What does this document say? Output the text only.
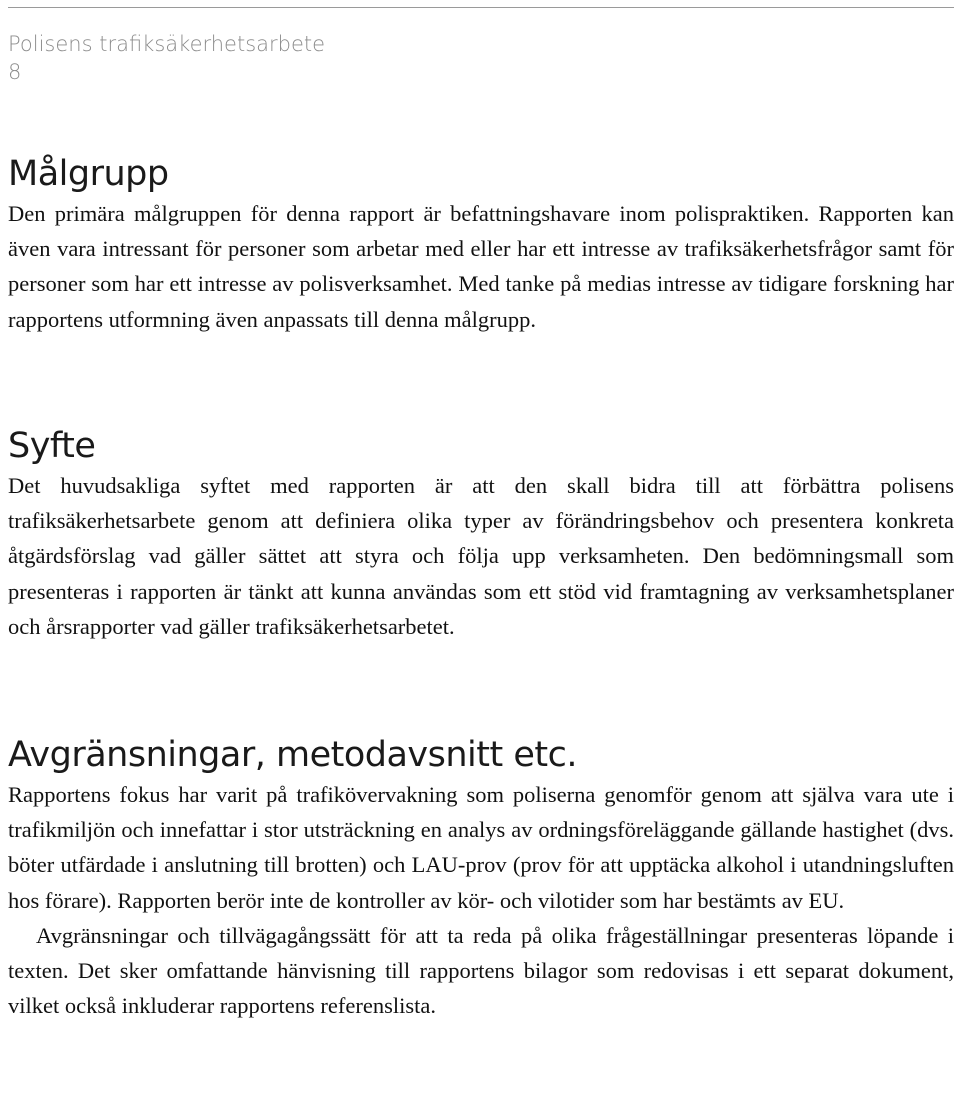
Polisens trafiksäkerhetsarbete
8
Målgrupp

Den primära målgruppen för denna rapport är befattningshavare inom polispraktiken. Rapporten kan även vara intressant för personer som arbetar med eller har ett intresse av trafiksäkerhetsfrågor samt för personer som har ett intresse av polisverksamhet. Med tanke på medias intresse av tidigare forskning har rapportens utformning även anpassats till denna målgrupp.

Syfte

Det huvudsakliga syftet med rapporten är att den skall bidra till att förbättra polisens trafiksäkerhetsarbete genom att definiera olika typer av förändringsbehov och presentera konkreta åtgärdsförslag vad gäller sättet att styra och följa upp verksamheten. Den bedömningsmall som presenteras i rapporten är tänkt att kunna användas som ett stöd vid framtagning av verksamhetsplaner och årsrapporter vad gäller trafiksäkerhetsarbetet.

Avgränsningar, metodavsnitt etc.

Rapportens fokus har varit på trafikövervakning som poliserna genomför genom att själva vara ute i trafikmiljön och innefattar i stor utsträckning en analys av ordningsföreläggande gällande hastighet (dvs. böter utfärdade i anslutning till brotten) och LAU-prov (prov för att upptäcka alkohol i utandningsluften hos förare). Rapporten berör inte de kontroller av kör- och vilotider som har bestämts av EU.

Avgränsningar och tillvägagångssätt för att ta reda på olika frågeställningar presenteras löpande i texten. Det sker omfattande hänvisning till rapportens bilagor som redovisas i ett separat dokument, vilket också inkluderar rapportens referenslista.
